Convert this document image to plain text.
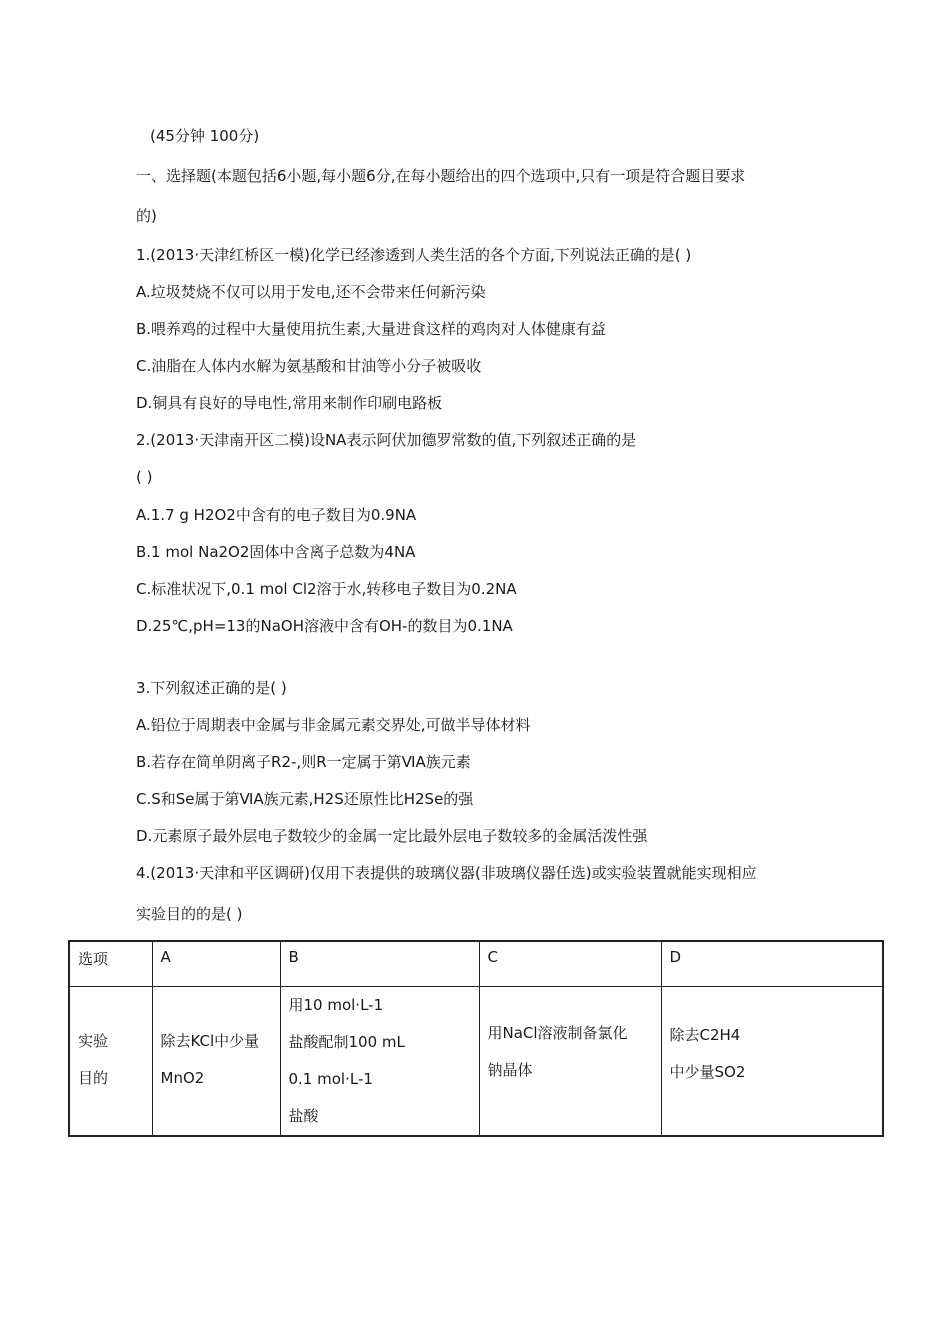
(45分钟 100分)
一、选择题(本题包括6小题,每小题6分,在每小题给出的四个选项中,只有一项是符合题目要求
的)
1.(2013·天津红桥区一模)化学已经渗透到人类生活的各个方面,下列说法正确的是( )
A.垃圾焚烧不仅可以用于发电,还不会带来任何新污染
B.喂养鸡的过程中大量使用抗生素,大量进食这样的鸡肉对人体健康有益
C.油脂在人体内水解为氨基酸和甘油等小分子被吸收
D.铜具有良好的导电性,常用来制作印刷电路板
2.(2013·天津南开区二模)设NA表示阿伏加德罗常数的值,下列叙述正确的是
( )
A.1.7 g H2O2中含有的电子数目为0.9NA
B.1 mol Na2O2固体中含离子总数为4NA
C.标准状况下,0.1 mol Cl2溶于水,转移电子数目为0.2NA
D.25℃,pH=13的NaOH溶液中含有OH-的数目为0.1NA
3.下列叙述正确的是( )
A.铅位于周期表中金属与非金属元素交界处,可做半导体材料
B.若存在简单阴离子R2-,则R一定属于第ⅥA族元素
C.S和Se属于第ⅥA族元素,H2S还原性比H2Se的强
D.元素原子最外层电子数较少的金属一定比最外层电子数较多的金属活泼性强
4.(2013·天津和平区调研)仅用下表提供的玻璃仪器(非玻璃仪器任选)或实验装置就能实现相应
实验目的的是( )
选项	A	B	C	D

实验
目的	除去KCl中少量
MnO2	用10 mol·L-1
盐酸配制100 mL
0.1 mol·L-1
盐酸	用NaCl溶液制备氯化
钠晶体	除去C2H4
中少量SO2
